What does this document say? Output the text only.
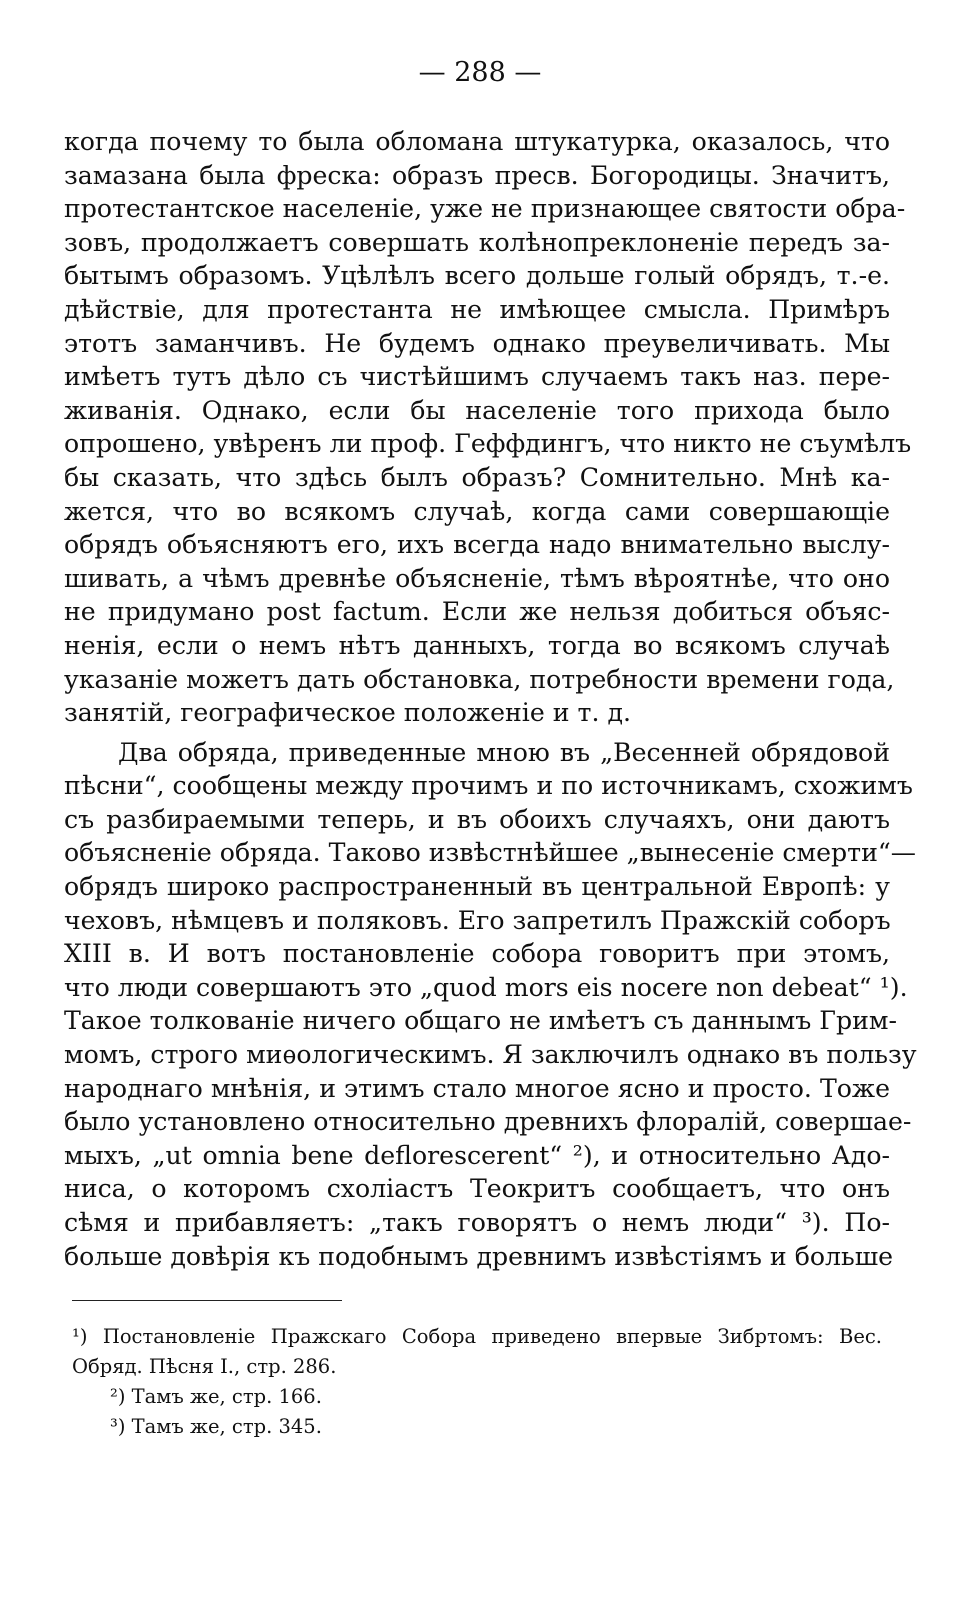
— 288 —
когда почему то была обломана штукатурка, оказалось, что
замазана была фреска: образъ пресв. Богородицы. Значитъ,
протестантское населеніе, уже не признающее святости обра-
зовъ, продолжаетъ совершать колѣнопреклоненіе передъ за-
бытымъ образомъ. Уцѣлѣлъ всего дольше голый обрядъ, т.-е.
дѣйствіе, для протестанта не имѣющее смысла. Примѣръ
этотъ заманчивъ. Не будемъ однако преувеличивать. Мы
имѣетъ тутъ дѣло съ чистѣйшимъ случаемъ такъ наз. пере-
живанія. Однако, если бы населеніе того прихода было
опрошено, увѣренъ ли проф. Геффдингъ, что никто не съумѣлъ
бы сказать, что здѣсь былъ образъ? Сомнительно. Мнѣ ка-
жется, что во всякомъ случаѣ, когда сами совершающіе
обрядъ объясняютъ его, ихъ всегда надо внимательно выслу-
шивать, а чѣмъ древнѣе объясненіе, тѣмъ вѣроятнѣе, что оно
не придумано post factum. Если же нельзя добиться объяс-
ненія, если о немъ нѣтъ данныхъ, тогда во всякомъ случаѣ
указаніе можетъ дать обстановка, потребности времени года,
занятій, географическое положеніе и т. д.
Два обряда, приведенные мною въ „Весенней обрядовой
пѣсни“, сообщены между прочимъ и по источникамъ, схожимъ
съ разбираемыми теперь, и въ обоихъ случаяхъ, они даютъ
объясненіе обряда. Таково извѣстнѣйшее „вынесеніе смерти“—
обрядъ широко распространенный въ центральной Европѣ: у
чеховъ, нѣмцевъ и поляковъ. Его запретилъ Пражскій соборъ
XIII в. И вотъ постановленіе собора говоритъ при этомъ,
что люди совершаютъ это „quod mors eis nocere non debeat“ ¹).
Такое толкованіе ничего общаго не имѣетъ съ даннымъ Грим-
момъ, строго миѳологическимъ. Я заключилъ однако въ пользу
народнаго мнѣнія, и этимъ стало многое ясно и просто. Тоже
было установлено относительно древнихъ флоралій, совершае-
мыхъ, „ut omnia bene deflorescerent“ ²), и относительно Адо-
ниса, о которомъ схоліастъ Теокритъ сообщаетъ, что онъ
сѣмя и прибавляетъ: „такъ говорятъ о немъ люди“ ³). По-
больше довѣрія къ подобнымъ древнимъ извѣстіямъ и больше
¹) Постановленіе Пражскаго Собора приведено впервые Зибртомъ: Вес.
Обряд. Пѣсня I., стр. 286.
²) Тамъ же, стр. 166.
³) Тамъ же, стр. 345.
